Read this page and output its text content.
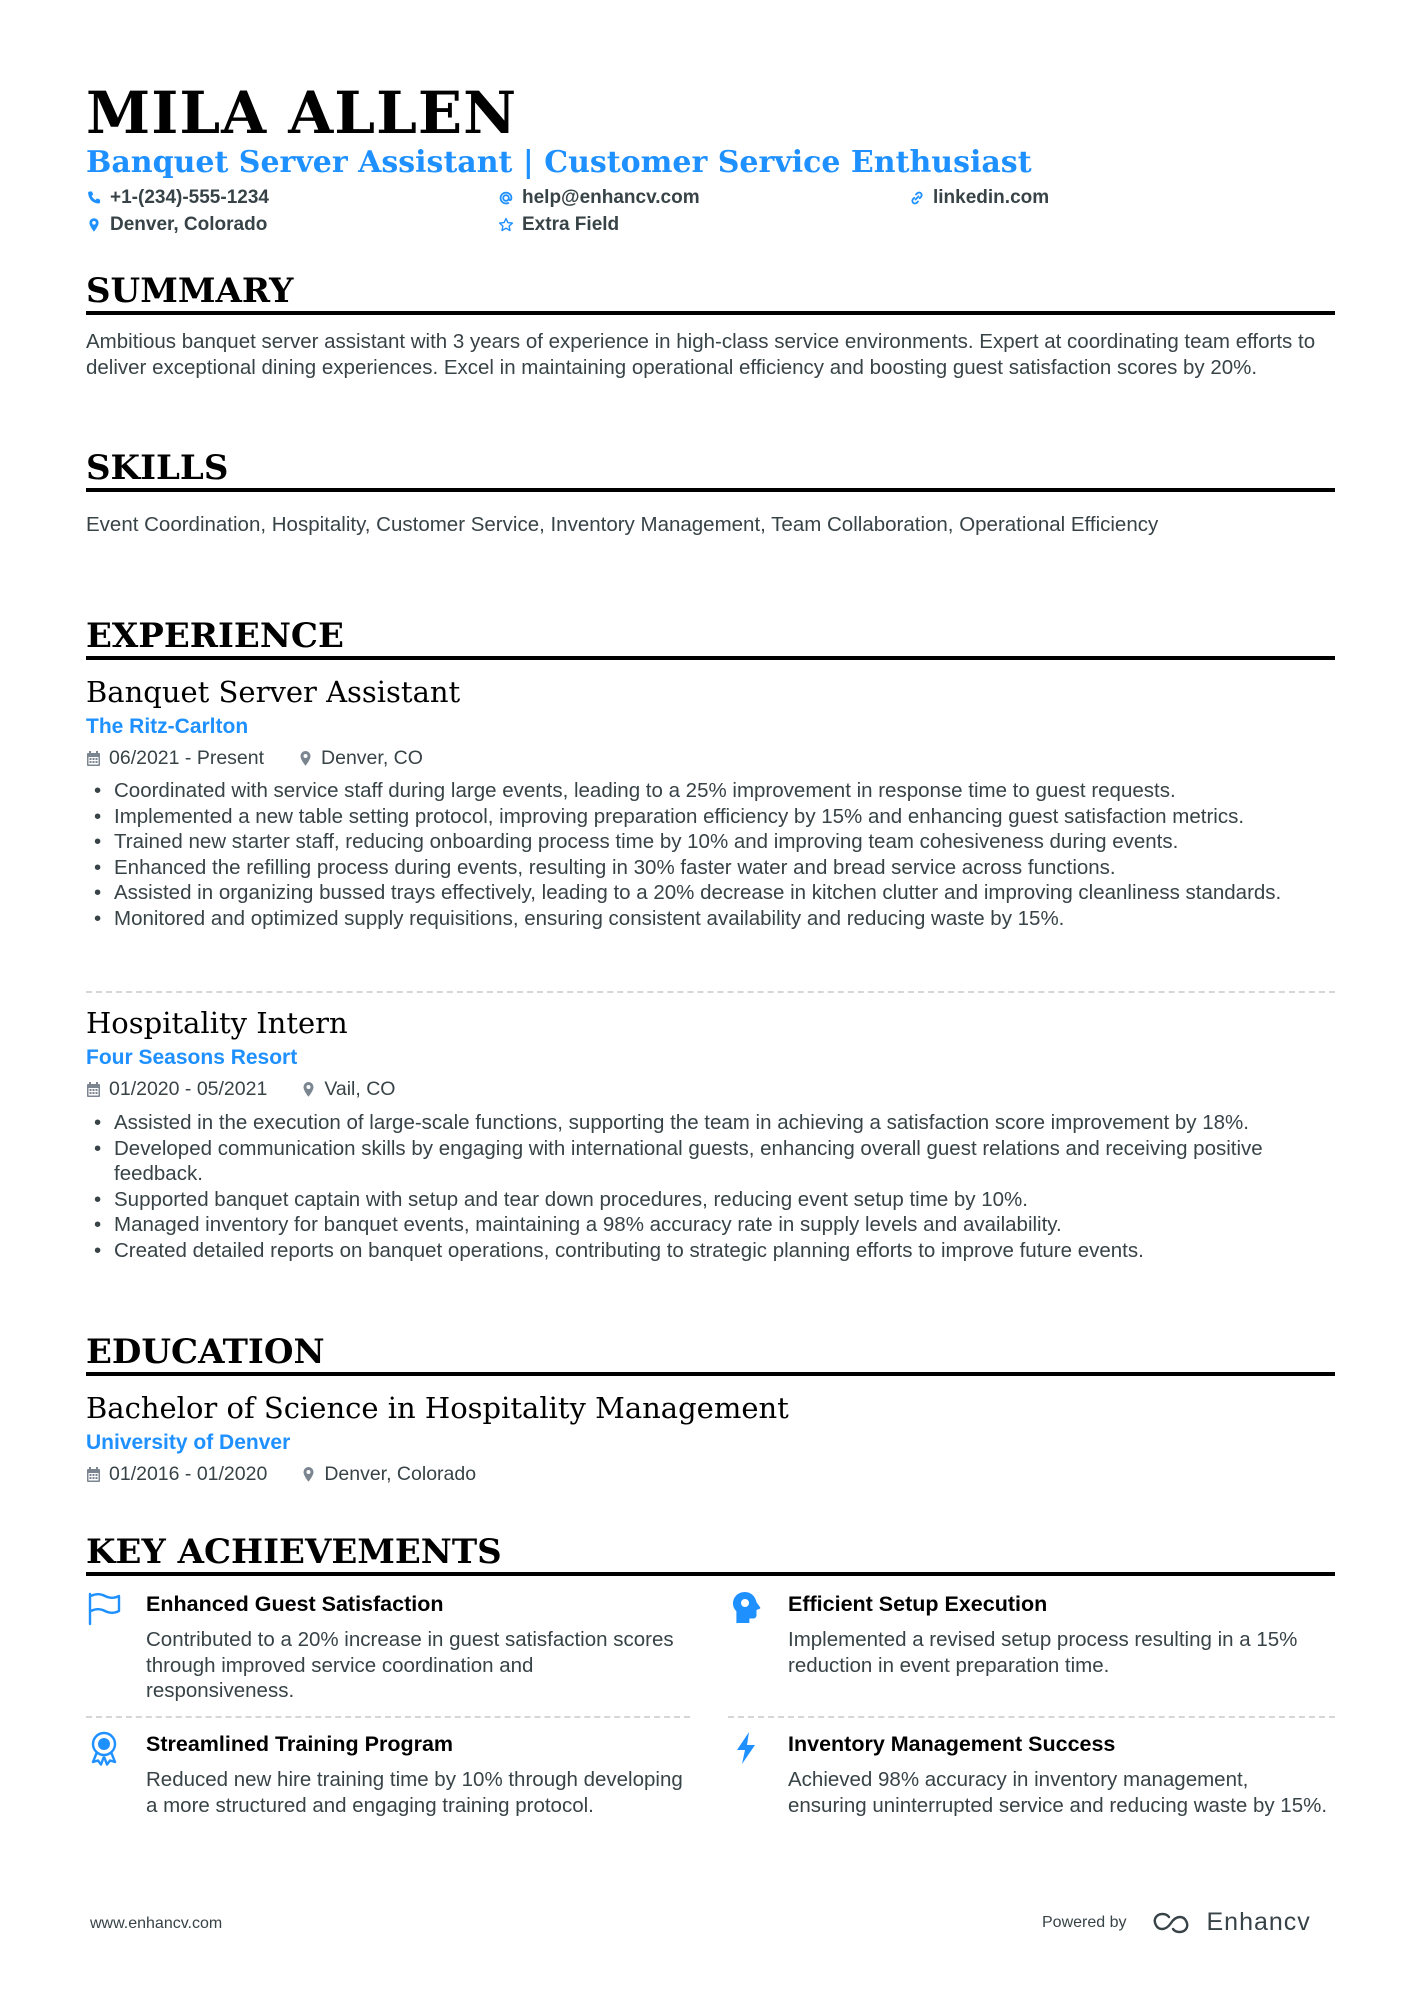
MILA ALLEN
Banquet Server Assistant | Customer Service Enthusiast
+1-(234)-555-1234	help@enhancv.com	linkedin.com
Denver, Colorado	Extra Field
SUMMARY
Ambitious banquet server assistant with 3 years of experience in high-class service environments. Expert at coordinating team efforts to deliver exceptional dining experiences. Excel in maintaining operational efficiency and boosting guest satisfaction scores by 20%.
SKILLS
Event Coordination, Hospitality, Customer Service, Inventory Management, Team Collaboration, Operational Efficiency
EXPERIENCE
Banquet Server Assistant
The Ritz-Carlton
06/2021 - Present	Denver, CO
• Coordinated with service staff during large events, leading to a 25% improvement in response time to guest requests.
• Implemented a new table setting protocol, improving preparation efficiency by 15% and enhancing guest satisfaction metrics.
• Trained new starter staff, reducing onboarding process time by 10% and improving team cohesiveness during events.
• Enhanced the refilling process during events, resulting in 30% faster water and bread service across functions.
• Assisted in organizing bussed trays effectively, leading to a 20% decrease in kitchen clutter and improving cleanliness standards.
• Monitored and optimized supply requisitions, ensuring consistent availability and reducing waste by 15%.
Hospitality Intern
Four Seasons Resort
01/2020 - 05/2021	Vail, CO
• Assisted in the execution of large-scale functions, supporting the team in achieving a satisfaction score improvement by 18%.
• Developed communication skills by engaging with international guests, enhancing overall guest relations and receiving positive feedback.
• Supported banquet captain with setup and tear down procedures, reducing event setup time by 10%.
• Managed inventory for banquet events, maintaining a 98% accuracy rate in supply levels and availability.
• Created detailed reports on banquet operations, contributing to strategic planning efforts to improve future events.
EDUCATION
Bachelor of Science in Hospitality Management
University of Denver
01/2016 - 01/2020	Denver, Colorado
KEY ACHIEVEMENTS
Enhanced Guest Satisfaction
Contributed to a 20% increase in guest satisfaction scores through improved service coordination and responsiveness.
Efficient Setup Execution
Implemented a revised setup process resulting in a 15% reduction in event preparation time.
Streamlined Training Program
Reduced new hire training time by 10% through developing a more structured and engaging training protocol.
Inventory Management Success
Achieved 98% accuracy in inventory management, ensuring uninterrupted service and reducing waste by 15%.
www.enhancv.com	Powered by	Enhancv
